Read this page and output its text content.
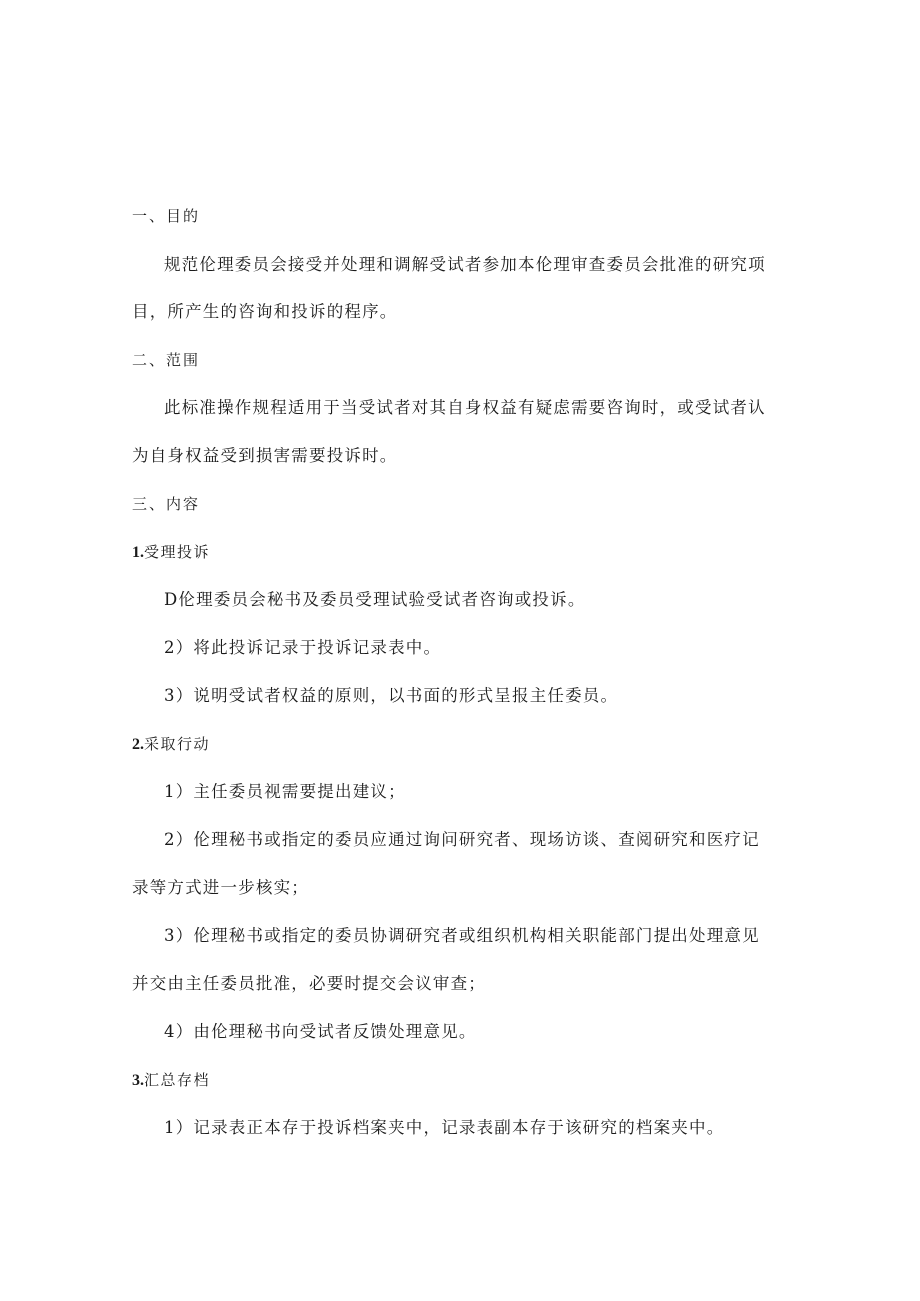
一、目的
规范伦理委员会接受并处理和调解受试者参加本伦理审查委员会批准的研究项
目，所产生的咨询和投诉的程序。
二、范围
此标准操作规程适用于当受试者对其自身权益有疑虑需要咨询时，或受试者认
为自身权益受到损害需要投诉时。
三、内容
1.受理投诉
D伦理委员会秘书及委员受理试验受试者咨询或投诉。
2）将此投诉记录于投诉记录表中。
3）说明受试者权益的原则，以书面的形式呈报主任委员。
2.采取行动
1）主任委员视需要提出建议；
2）伦理秘书或指定的委员应通过询问研究者、现场访谈、查阅研究和医疗记
录等方式进一步核实；
3）伦理秘书或指定的委员协调研究者或组织机构相关职能部门提出处理意见
并交由主任委员批准，必要时提交会议审查；
4）由伦理秘书向受试者反馈处理意见。
3.汇总存档
1）记录表正本存于投诉档案夹中，记录表副本存于该研究的档案夹中。
